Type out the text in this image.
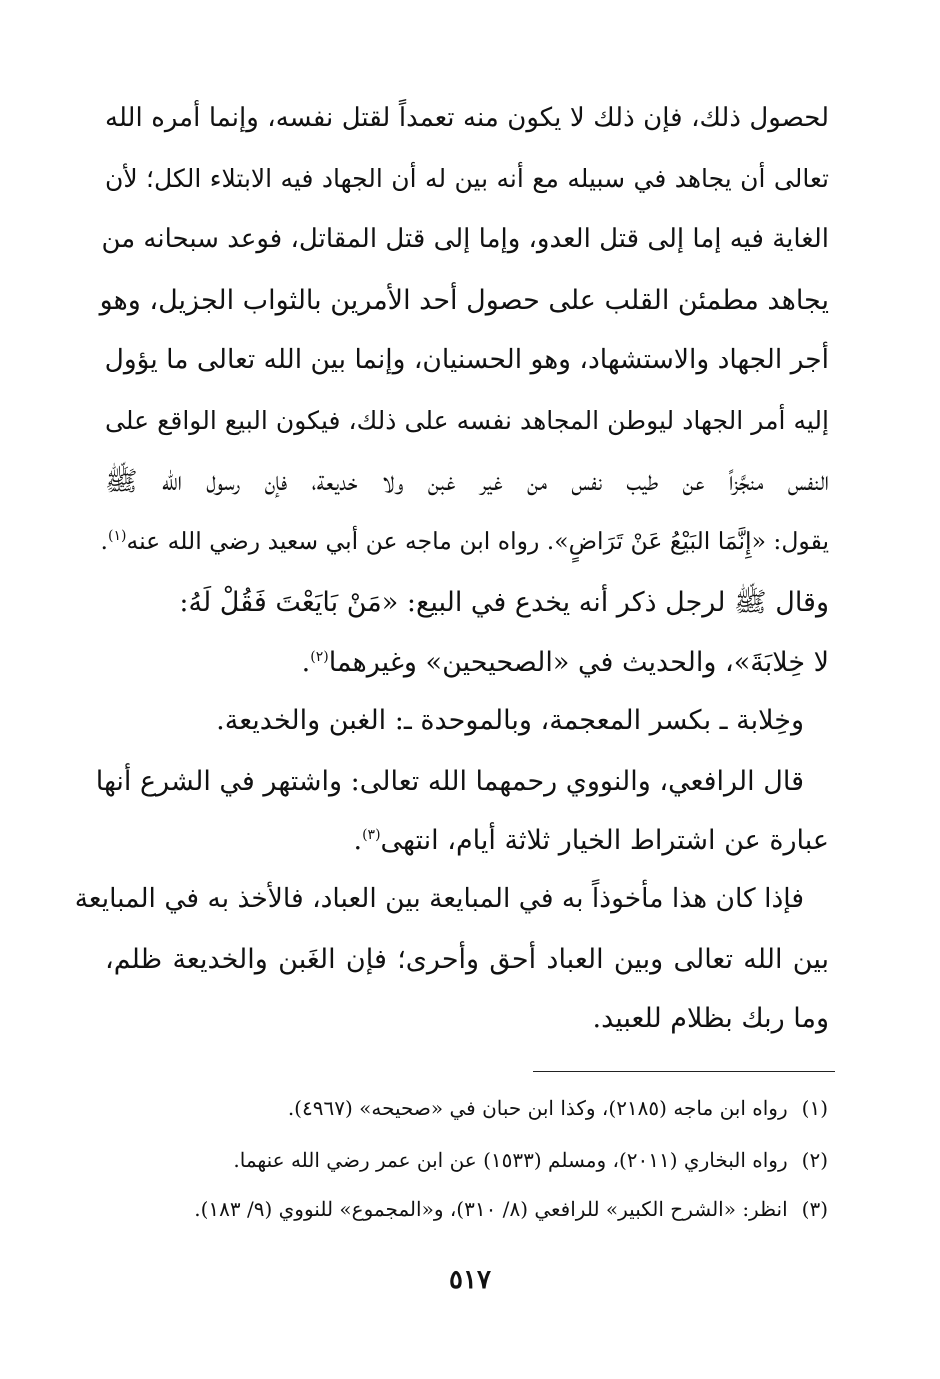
لحصول ذلك، فإن ذلك لا يكون منه تعمداً لقتل نفسه، وإنما أمره الله
تعالى أن يجاهد في سبيله مع أنه بين له أن الجهاد فيه الابتلاء الكل؛ لأن
الغاية فيه إما إلى قتل العدو، وإما إلى قتل المقاتل، فوعد سبحانه من
يجاهد مطمئن القلب على حصول أحد الأمرين بالثواب الجزيل، وهو
أجر الجهاد والاستشهاد، وهو الحسنيان، وإنما بين الله تعالى ما يؤول
إليه أمر الجهاد ليوطن المجاهد نفسه على ذلك، فيكون البيع الواقع على
النفس منجَّزاً عن طيب نفس من غير غبن ولا خديعة، فإن رسول الله ﷺ
يقول: «إِنَّمَا البَيْعُ عَنْ تَرَاضٍ». رواه ابن ماجه عن أبي سعيد رضي الله عنه$^{(١)}$.
وقال ﷺ لرجل ذكر أنه يخدع في البيع: «مَنْ بَايَعْتَ فَقُلْ لَهُ:
لا خِلابَةَ»، والحديث في «الصحيحين» وغيرهما$^{(٢)}$.
وخِلابة ـ بكسر المعجمة، وبالموحدة ـ: الغبن والخديعة.
قال الرافعي، والنووي رحمهما الله تعالى: واشتهر في الشرع أنها
عبارة عن اشتراط الخيار ثلاثة أيام، انتهى$^{(٣)}$.
فإذا كان هذا مأخوذاً به في المبايعة بين العباد، فالأخذ به في المبايعة
بين الله تعالى وبين العباد أحق وأحرى؛ فإن الغَبن والخديعة ظلم،
وما ربك بظلام للعبيد.
(١)رواه ابن ماجه (٢١٨٥)، وكذا ابن حبان في «صحيحه» (٤٩٦٧).
(٢)رواه البخاري (٢٠١١)، ومسلم (١٥٣٣) عن ابن عمر رضي الله عنهما.
(٣)انظر: «الشرح الكبير» للرافعي (٨/ ٣١٠)، و«المجموع» للنووي (٩/ ١٨٣).
٥١٧
